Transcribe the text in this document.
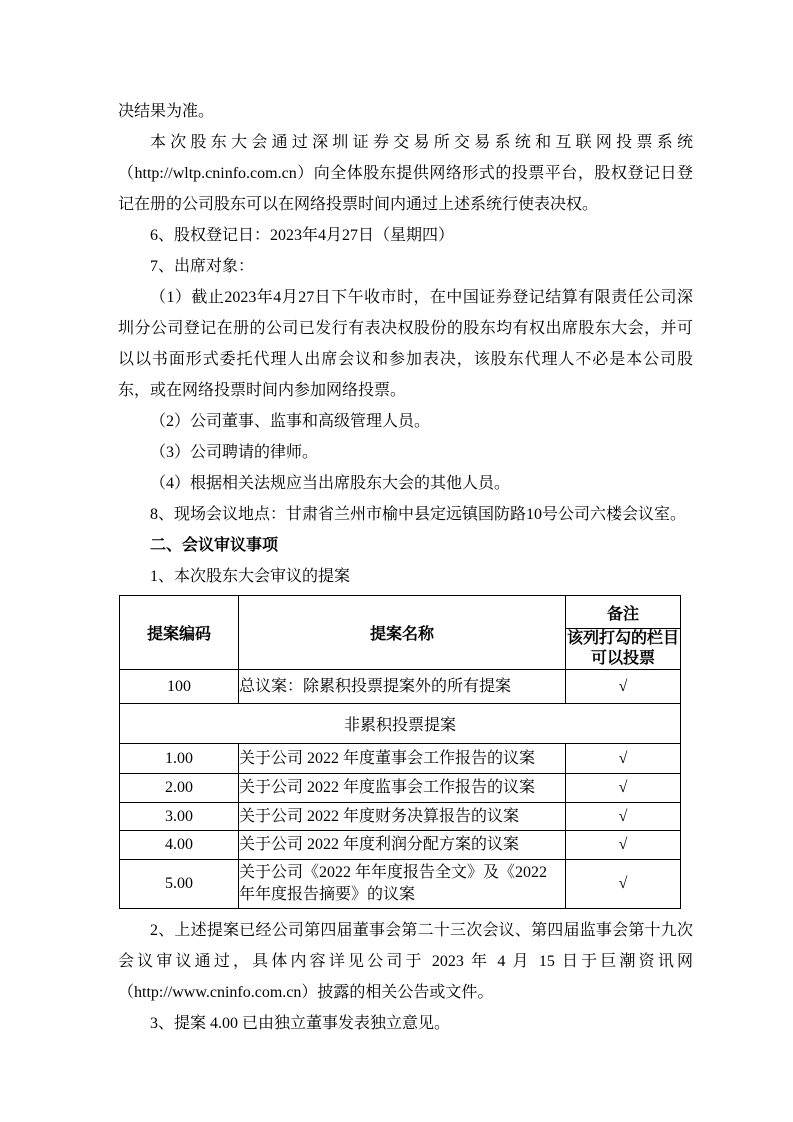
决结果为准。

本次股东大会通过深圳证券交易所交易系统和互联网投票系统（http://wltp.cninfo.com.cn）向全体股东提供网络形式的投票平台，股权登记日登记在册的公司股东可以在网络投票时间内通过上述系统行使表决权。

6、股权登记日：2023年4月27日（星期四）

7、出席对象：

（1）截止2023年4月27日下午收市时，在中国证券登记结算有限责任公司深圳分公司登记在册的公司已发行有表决权股份的股东均有权出席股东大会，并可以以书面形式委托代理人出席会议和参加表决，该股东代理人不必是本公司股东，或在网络投票时间内参加网络投票。

（2）公司董事、监事和高级管理人员。

（3）公司聘请的律师。

（4）根据相关法规应当出席股东大会的其他人员。

8、现场会议地点：甘肃省兰州市榆中县定远镇国防路10号公司六楼会议室。

二、会议审议事项

1、本次股东大会审议的提案

提案编码	提案名称	备注
		该列打勾的栏目可以投票
100	总议案：除累积投票提案外的所有提案	√
非累积投票提案		
1.00	关于公司 2022 年度董事会工作报告的议案	√
2.00	关于公司 2022 年度监事会工作报告的议案	√
3.00	关于公司 2022 年度财务决算报告的议案	√
4.00	关于公司 2022 年度利润分配方案的议案	√
5.00	关于公司《2022 年年度报告全文》及《2022 年年度报告摘要》的议案	√

2、上述提案已经公司第四届董事会第二十三次会议、第四届监事会第十九次会议审议通过，具体内容详见公司于 2023 年 4 月 15 日于巨潮资讯网（http://www.cninfo.com.cn）披露的相关公告或文件。

3、提案 4.00 已由独立董事发表独立意见。
